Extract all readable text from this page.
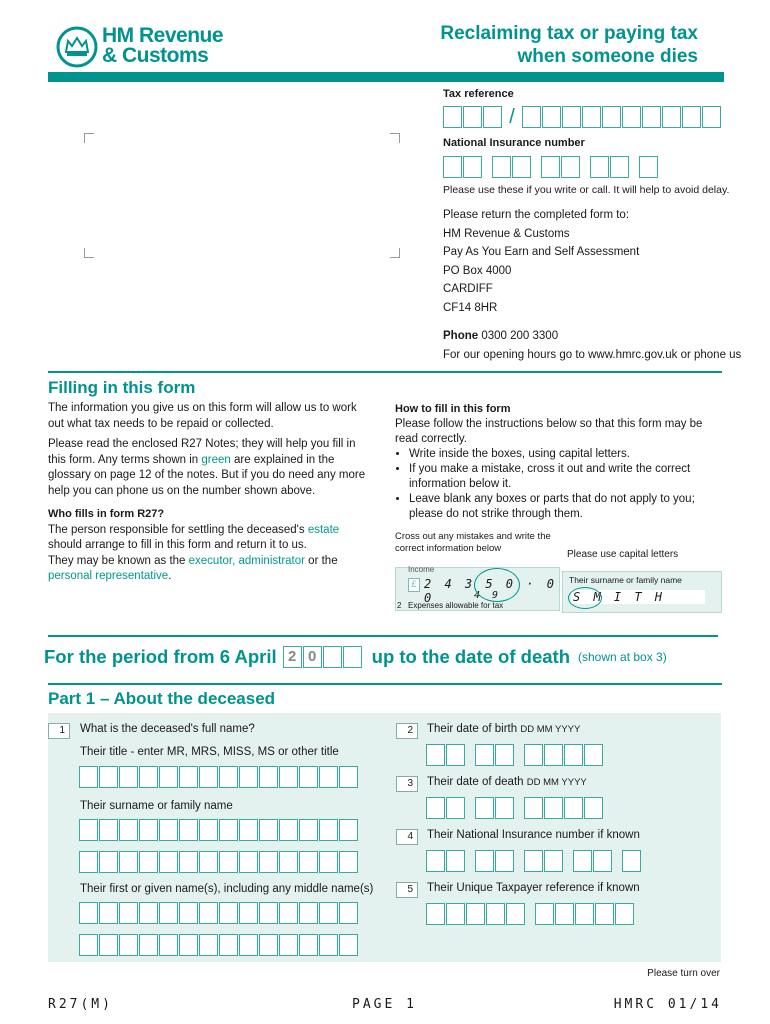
HM Revenue
& Customs
Reclaiming tax or paying tax
when someone dies
Tax reference
/
National Insurance number
Please use these if you write or call. It will help to avoid delay.
Please return the completed form to:
HM Revenue & Customs
Pay As You Earn and Self Assessment
PO Box 4000
CARDIFF
CF14 8HR
Phone 0300 200 3300
For our opening hours go to www.hmrc.gov.uk or phone us
Filling in this form
The information you give us on this form will allow us to work out what tax needs to be repaid or collected.
Please read the enclosed R27 Notes; they will help you fill in this form. Any terms shown in green are explained in the glossary on page 12 of the notes. But if you do need any more help you can phone us on the number shown above.
Who fills in form R27?
The person responsible for settling the deceased's estate should arrange to fill in this form and return it to us.
They may be known as the executor, administrator or the personal representative.
How to fill in this form
Please follow the instructions below so that this form may be read correctly.
• Write inside the boxes, using capital letters.
• If you make a mistake, cross it out and write the correct information below it.
• Leave blank any boxes or parts that do not apply to you; please do not strike through them.
Cross out any mistakes and write the correct information below
Please use capital letters
Income
£ 2 4 3 5 0 · 0 0	4 9
2 Expenses allowable for tax
Their surname or family name
S M I T H
For the period from 6 April 2 0	up to the date of death (shown at box 3)
Part 1 – About the deceased
1	What is the deceased's full name?
Their title - enter MR, MRS, MISS, MS or other title
Their surname or family name
Their first or given name(s), including any middle name(s)
2	Their date of birth DD MM YYYY
3	Their date of death DD MM YYYY
4	Their National Insurance number if known
5	Their Unique Taxpayer reference if known
Please turn over
R27(M)	PAGE 1	HMRC 01/14
